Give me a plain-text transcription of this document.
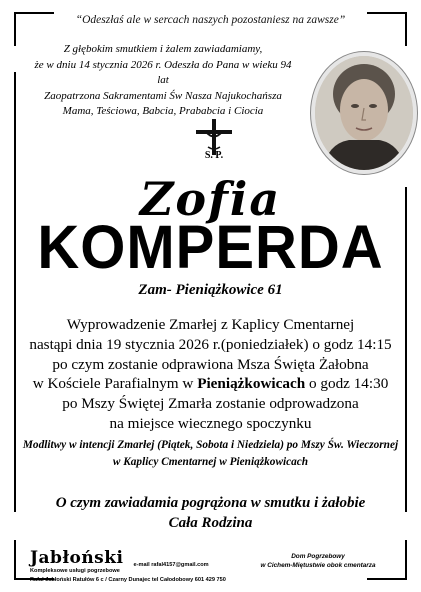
“Odeszłaś ale w sercach naszych pozostaniesz na zawsze”
Z głębokim smutkiem i żalem zawiadamiamy,
że w dniu 14 stycznia 2026 r. Odeszła do Pana w wieku 94 lat
Zaopatrzona Sakramentami Św Nasza Najukochańsza
Mama, Teściowa, Babcia, Prababcia i Ciocia
S. P.
Zofia
KOMPERDA
Zam- Pieniążkowice 61
Wyprowadzenie Zmarłej z Kaplicy Cmentarnej
nastąpi dnia 19 stycznia 2026 r.(poniedziałek) o godz 14:15
po czym zostanie odprawiona Msza Święta Żałobna
w Kościele Parafialnym w Pieniążkowicach o godz 14:30
po Mszy Świętej Zmarła zostanie odprowadzona
na miejsce wiecznego spoczynku
Modlitwy w intencji Zmarłej (Piątek, Sobota i Niedziela) po Mszy Św. Wieczornej
w Kaplicy Cmentarnej w Pieniążkowicach
O czym zawiadamia pogrążona w smutku i żałobie
Cała Rodzina
Jabłoński
Kompleksowe usługi pogrzebowe
e-mail rafal4157@gmail.com
Rafał Jabłoński Ratułów 6 c / Czarny Dunajec tel Całodobowy 601 429 750
Dom Pogrzebowy
w Cichem-Miętustwie obok cmentarza
